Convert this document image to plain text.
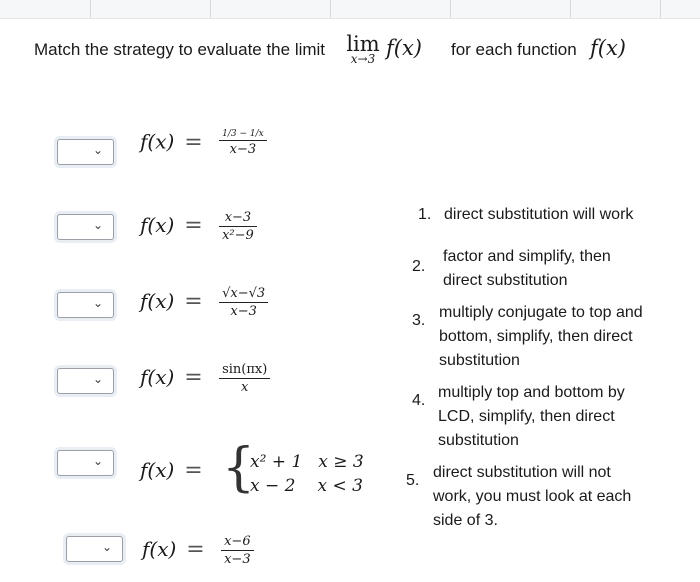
Match the strategy to evaluate the limit	lim
x→3 f(x) for each function f(x)
⌄ $f(x) = \frac{1/3 - 1/x}{x-3}$
⌄ $f(x) = \frac{x-3}{\text{x²−9}}$
⌄ $f(x) = \frac{√x-√3}{x-3}$
⌄ $f(x) = \frac{\sin(\pi x)}{x}$
⌄ f(x) = {
x² + 1 x ≥ 3
x − 2 x < 3
⌄ $f(x) = \frac{x-6}{x-3}$
1. direct substitution will work
2.
factor and simplify, then direct substitution
3. multiply conjugate to top and bottom, simplify, then direct substitution
4. multiply top and bottom by LCD, simplify, then direct substitution
5. direct substitution will not work, you must look at each side of 3.
